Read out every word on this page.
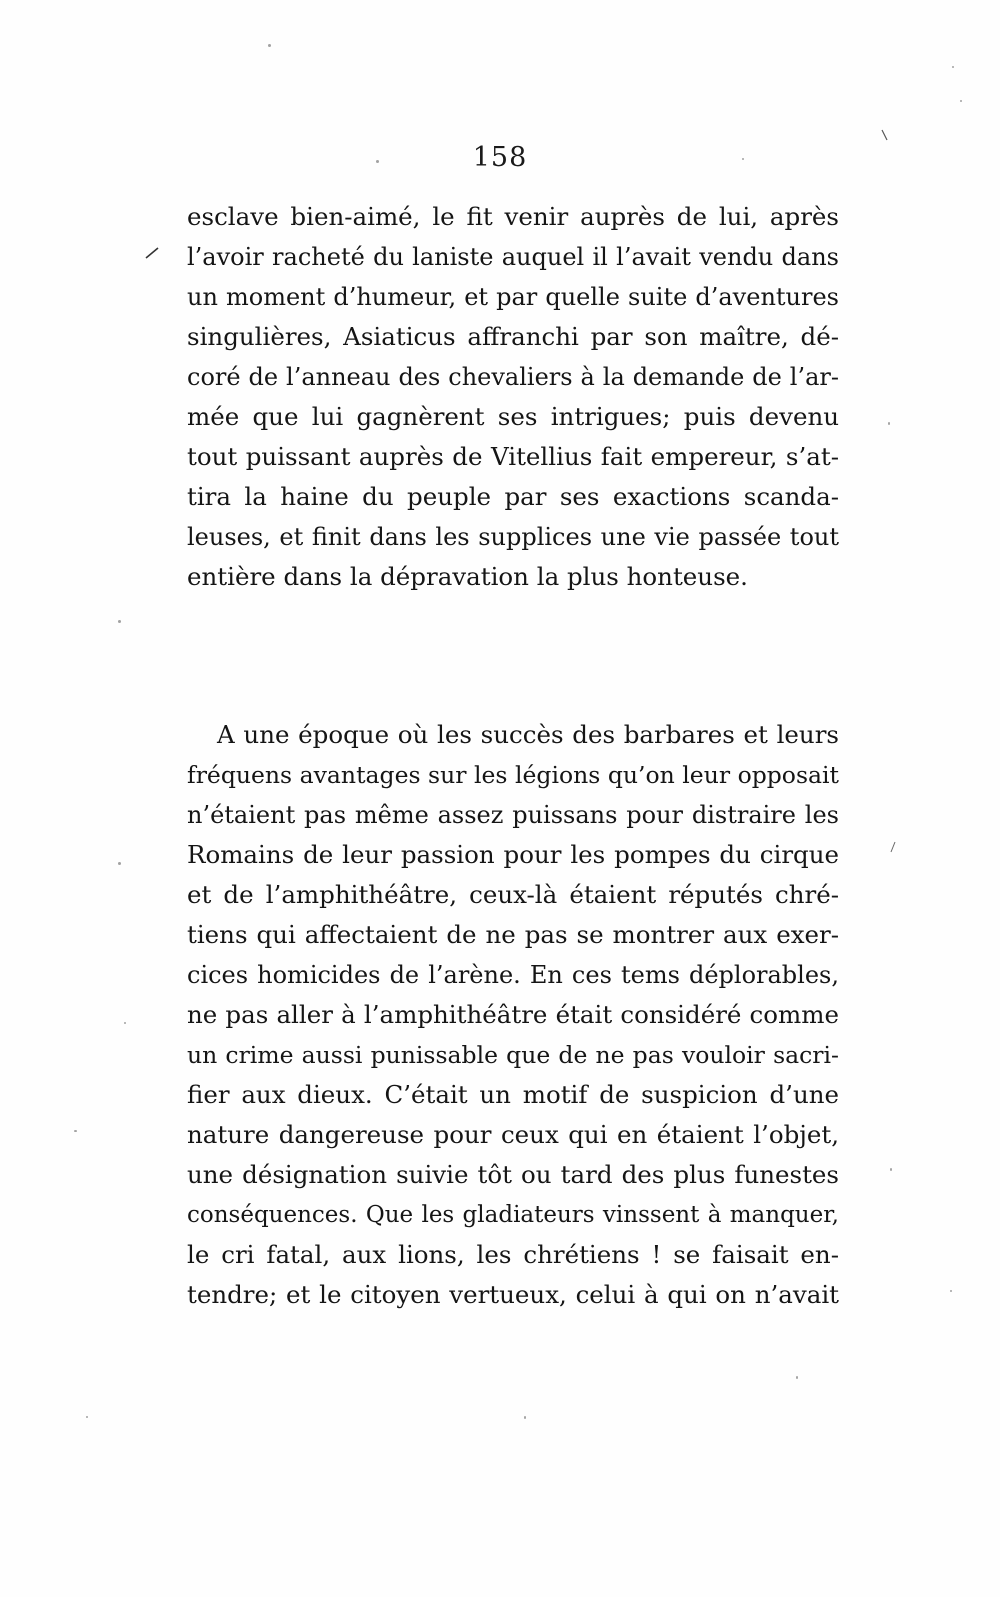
158
esclave bien-aimé, le fit venir auprès de lui, après
l’avoir racheté du laniste auquel il l’avait vendu dans
un moment d’humeur, et par quelle suite d’aventures
singulières, Asiaticus affranchi par son maître, dé-
coré de l’anneau des chevaliers à la demande de l’ar-
mée que lui gagnèrent ses intrigues; puis devenu
tout puissant auprès de Vitellius fait empereur, s’at-
tira la haine du peuple par ses exactions scanda-
leuses, et finit dans les supplices une vie passée tout
entière dans la dépravation la plus honteuse.
A une époque où les succès des barbares et leurs
fréquens avantages sur les légions qu’on leur opposait
n’étaient pas même assez puissans pour distraire les
Romains de leur passion pour les pompes du cirque
et de l’amphithéâtre, ceux-là étaient réputés chré-
tiens qui affectaient de ne pas se montrer aux exer-
cices homicides de l’arène. En ces tems déplorables,
ne pas aller à l’amphithéâtre était considéré comme
un crime aussi punissable que de ne pas vouloir sacri-
fier aux dieux. C’était un motif de suspicion d’une
nature dangereuse pour ceux qui en étaient l’objet,
une désignation suivie tôt ou tard des plus funestes
conséquences. Que les gladiateurs vinssent à manquer,
le cri fatal, aux lions, les chrétiens ! se faisait en-
tendre; et le citoyen vertueux, celui à qui on n’avait
